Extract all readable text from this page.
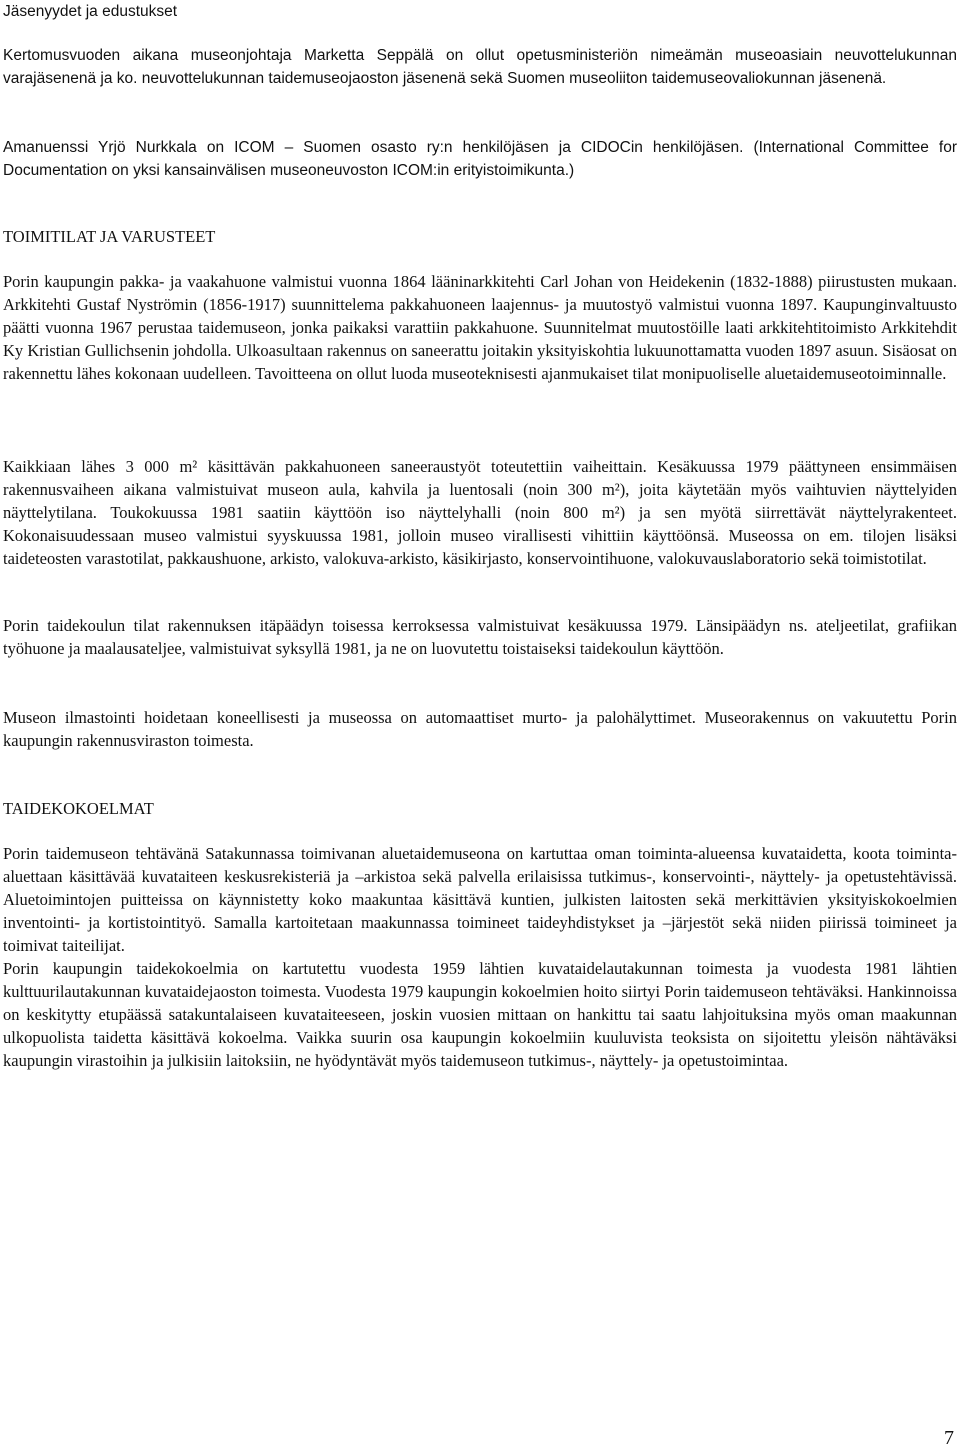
Jäsenyydet ja edustukset

Kertomusvuoden aikana museonjohtaja Marketta Seppälä on ollut opetusministeriön nimeämän museoasiain neuvottelukunnan varajäsenenä ja ko. neuvottelukunnan taidemuseojaoston jäsenenä sekä Suomen museoliiton taidemuseovaliokunnan jäsenenä.

Amanuenssi Yrjö Nurkkala on ICOM – Suomen osasto ry:n henkilöjäsen ja CIDOCin henkilöjäsen. (International Committee for Documentation on yksi kansainvälisen museoneuvoston ICOM:in erityistoimikunta.)

TOIMITILAT JA VARUSTEET

Porin kaupungin pakka- ja vaakahuone valmistui vuonna 1864 lääninarkkitehti Carl Johan von Heidekenin (1832-1888) piirustusten mukaan. Arkkitehti Gustaf Nyströmin (1856-1917) suunnittelema pakkahuoneen laajennus- ja muutostyö valmistui vuonna 1897. Kaupunginvaltuusto päätti vuonna 1967 perustaa taidemuseon, jonka paikaksi varattiin pakkahuone. Suunnitelmat muutostöille laati arkkitehtitoimisto Arkkitehdit Ky Kristian Gullichsenin johdolla. Ulkoasultaan rakennus on saneerattu joitakin yksityiskohtia lukuunottamatta vuoden 1897 asuun. Sisäosat on rakennettu lähes kokonaan uudelleen. Tavoitteena on ollut luoda museoteknisesti ajanmukaiset tilat monipuoliselle aluetaidemuseotoiminnalle.

Kaikkiaan lähes 3 000 m² käsittävän pakkahuoneen saneeraustyöt toteutettiin vaiheittain. Kesäkuussa 1979 päättyneen ensimmäisen rakennusvaiheen aikana valmistuivat museon aula, kahvila ja luentosali (noin 300 m²), joita käytetään myös vaihtuvien näyttelyiden näyttelytilana. Toukokuussa 1981 saatiin käyttöön iso näyttelyhalli (noin 800 m²) ja sen myötä siirrettävät näyttelyrakenteet. Kokonaisuudessaan museo valmistui syyskuussa 1981, jolloin museo virallisesti vihittiin käyttöönsä. Museossa on em. tilojen lisäksi taideteosten varastotilat, pakkaushuone, arkisto, valokuva-arkisto, käsikirjasto, konservointihuone, valokuvauslaboratorio sekä toimistotilat.

Porin taidekoulun tilat rakennuksen itäpäädyn toisessa kerroksessa valmistuivat kesäkuussa 1979. Länsipäädyn ns. ateljeetilat, grafiikan työhuone ja maalausateljee, valmistuivat syksyllä 1981, ja ne on luovutettu toistaiseksi taidekoulun käyttöön.

Museon ilmastointi hoidetaan koneellisesti ja museossa on automaattiset murto- ja palohälyttimet. Museorakennus on vakuutettu Porin kaupungin rakennusviraston toimesta.

TAIDEKOKOELMAT

Porin taidemuseon tehtävänä Satakunnassa toimivanan aluetaidemuseona on kartuttaa oman toiminta-alueensa kuvataidetta, koota toiminta-aluettaan käsittävää kuvataiteen keskusrekisteriä ja –arkistoa sekä palvella erilaisissa tutkimus-, konservointi-, näyttely- ja opetustehtävissä. Aluetoimintojen puitteissa on käynnistetty koko maakuntaa käsittävä kuntien, julkisten laitosten sekä merkittävien yksityiskokoelmien inventointi- ja kortistointityö. Samalla kartoitetaan maakunnassa toimineet taideyhdistykset ja –järjestöt sekä niiden piirissä toimineet ja toimivat taiteilijat.

Porin kaupungin taidekokoelmia on kartutettu vuodesta 1959 lähtien kuvataidelautakunnan toimesta ja vuodesta 1981 lähtien kulttuurilautakunnan kuvataidejaoston toimesta. Vuodesta 1979 kaupungin kokoelmien hoito siirtyi Porin taidemuseon tehtäväksi. Hankinnoissa on keskitytty etupäässä satakuntalaiseen kuvataiteeseen, joskin vuosien mittaan on hankittu tai saatu lahjoituksina myös oman maakunnan ulkopuolista taidetta käsittävä kokoelma. Vaikka suurin osa kaupungin kokoelmiin kuuluvista teoksista on sijoitettu yleisön nähtäväksi kaupungin virastoihin ja julkisiin laitoksiin, ne hyödyntävät myös taidemuseon tutkimus-, näyttely- ja opetustoimintaa.

7
